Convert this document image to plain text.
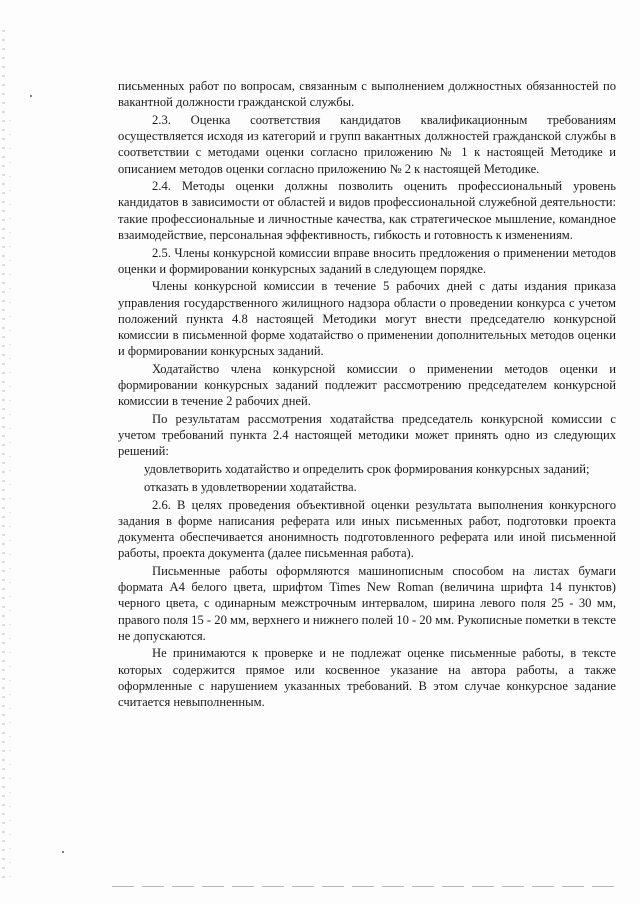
письменных работ по вопросам, связанным с выполнением должностных обязанностей по вакантной должности гражданской службы.

2.3. Оценка соответствия кандидатов квалификационным требованиям осуществляется исходя из категорий и групп вакантных должностей гражданской службы в соответствии с методами оценки согласно приложению № 1 к настоящей Методике и описанием методов оценки согласно приложению № 2 к настоящей Методике.

2.4. Методы оценки должны позволить оценить профессиональный уровень кандидатов в зависимости от областей и видов профессиональной служебной деятельности: такие профессиональные и личностные качества, как стратегическое мышление, командное взаимодействие, персональная эффективность, гибкость и готовность к изменениям.

2.5. Члены конкурсной комиссии вправе вносить предложения о применении методов оценки и формировании конкурсных заданий в следующем порядке.

Члены конкурсной комиссии в течение 5 рабочих дней с даты издания приказа управления государственного жилищного надзора области о проведении конкурса с учетом положений пункта 4.8 настоящей Методики могут внести председателю конкурсной комиссии в письменной форме ходатайство о применении дополнительных методов оценки и формировании конкурсных заданий.

Ходатайство члена конкурсной комиссии о применении методов оценки и формировании конкурсных заданий подлежит рассмотрению председателем конкурсной комиссии в течение 2 рабочих дней.

По результатам рассмотрения ходатайства председатель конкурсной комиссии с учетом требований пункта 2.4 настоящей методики может принять одно из следующих решений:

удовлетворить ходатайство и определить срок формирования конкурсных заданий;

отказать в удовлетворении ходатайства.

2.6. В целях проведения объективной оценки результата выполнения конкурсного задания в форме написания реферата или иных письменных работ, подготовки проекта документа обеспечивается анонимность подготовленного реферата или иной письменной работы, проекта документа (далее письменная работа).

Письменные работы оформляются машинописным способом на листах бумаги формата А4 белого цвета, шрифтом Times New Roman (величина шрифта 14 пунктов) черного цвета, с одинарным межстрочным интервалом, ширина левого поля 25 - 30 мм, правого поля 15 - 20 мм, верхнего и нижнего полей 10 - 20 мм. Рукописные пометки в тексте не допускаются.

Не принимаются к проверке и не подлежат оценке письменные работы, в тексте которых содержится прямое или косвенное указание на автора работы, а также оформленные с нарушением указанных требований. В этом случае конкурсное задание считается невыполненным.
